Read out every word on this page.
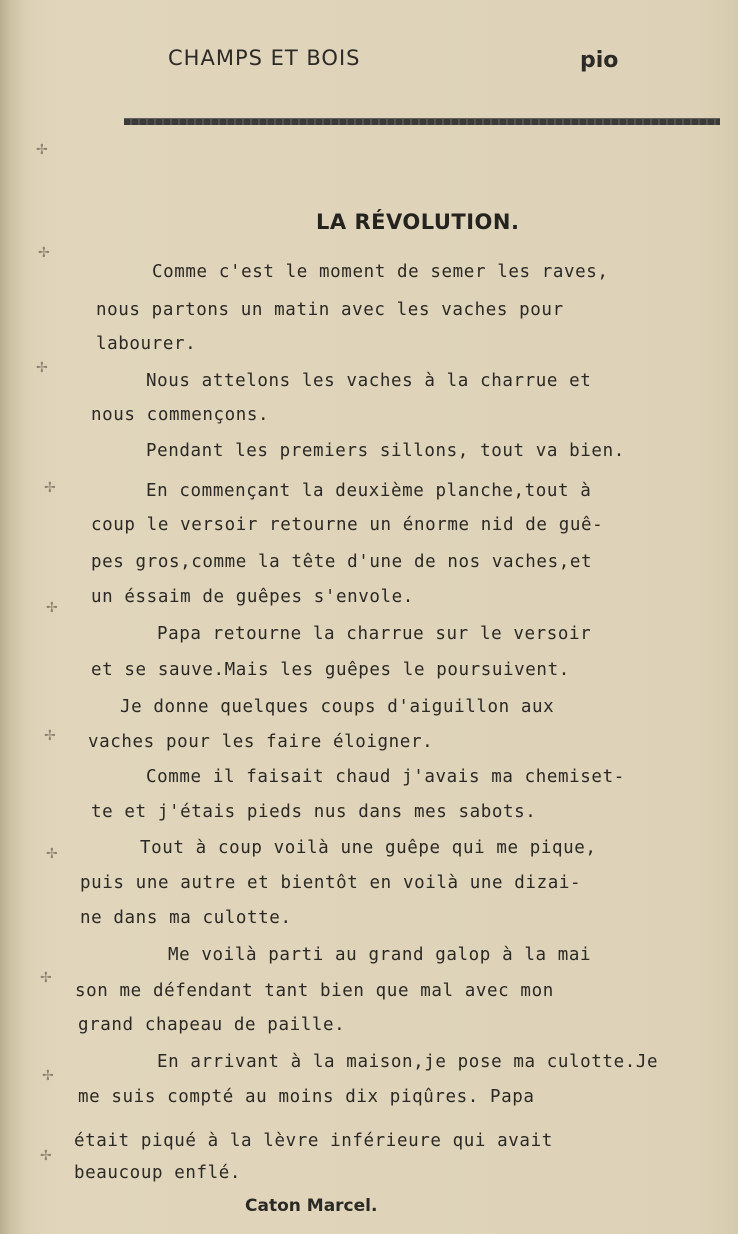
CHAMPS ET BOIS	pio
LA RÉVOLUTION.
Comme c'est le moment de semer les raves,
nous partons un matin avec les vaches pour
labourer.
Nous attelons les vaches à la charrue et
nous commençons.
Pendant les premiers sillons, tout va bien.
En commençant la deuxième planche,tout à
coup le versoir retourne un énorme nid de guê-
pes gros,comme la tête d'une de nos vaches,et
un éssaim de guêpes s'envole.
Papa retourne la charrue sur le versoir
et se sauve.Mais les guêpes le poursuivent.
Je donne quelques coups d'aiguillon aux
vaches pour les faire éloigner.
Comme il faisait chaud j'avais ma chemiset-
te et j'étais pieds nus dans mes sabots.
Tout à coup voilà une guêpe qui me pique,
puis une autre et bientôt en voilà une dizai-
ne dans ma culotte.
Me voilà parti au grand galop à la mai
son me défendant tant bien que mal avec mon
grand chapeau de paille.
En arrivant à la maison,je pose ma culotte.Je
me suis compté au moins dix piqûres. Papa
était piqué à la lèvre inférieure qui avait
beaucoup enflé.
Caton Marcel.
✢
✢
✢
✢
✢
✢
✢
✢
✢
✢
